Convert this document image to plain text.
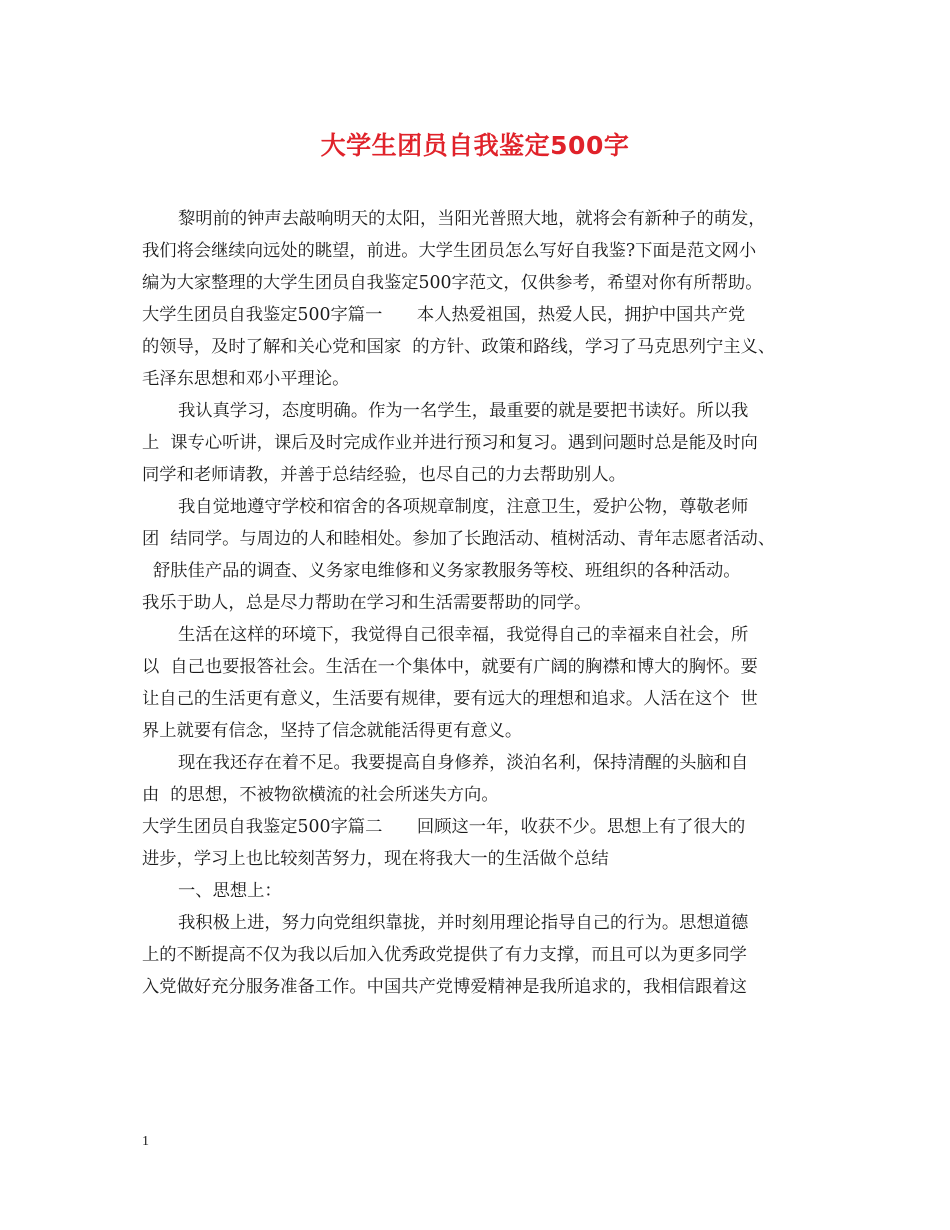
大学生团员自我鉴定500字
黎明前的钟声去敲响明天的太阳，当阳光普照大地，就将会有新种子的萌发，
我们将会继续向远处的眺望，前进。大学生团员怎么写好自我鉴?下面是范文网小
编为大家整理的大学生团员自我鉴定500字范文，仅供参考，希望对你有所帮助。
大学生团员自我鉴定500字篇一　　本人热爱祖国，热爱人民，拥护中国共产党
的领导，及时了解和关心党和国家  的方针、政策和路线，学习了马克思列宁主义、
毛泽东思想和邓小平理论。
我认真学习，态度明确。作为一名学生，最重要的就是要把书读好。所以我
上  课专心听讲，课后及时完成作业并进行预习和复习。遇到问题时总是能及时向
同学和老师请教，并善于总结经验，也尽自己的力去帮助别人。
我自觉地遵守学校和宿舍的各项规章制度，注意卫生，爱护公物，尊敬老师
团  结同学。与周边的人和睦相处。参加了长跑活动、植树活动、青年志愿者活动、
舒肤佳产品的调查、义务家电维修和义务家教服务等校、班组织的各种活动。
我乐于助人，总是尽力帮助在学习和生活需要帮助的同学。
生活在这样的环境下，我觉得自己很幸福，我觉得自己的幸福来自社会，所
以  自己也要报答社会。生活在一个集体中，就要有广阔的胸襟和博大的胸怀。要
让自己的生活更有意义，生活要有规律，要有远大的理想和追求。人活在这个  世
界上就要有信念，坚持了信念就能活得更有意义。
现在我还存在着不足。我要提高自身修养，淡泊名利，保持清醒的头脑和自
由  的思想，不被物欲横流的社会所迷失方向。
大学生团员自我鉴定500字篇二　　回顾这一年，收获不少。思想上有了很大的
进步，学习上也比较刻苦努力，现在将我大一的生活做个总结
一、思想上：
我积极上进，努力向党组织靠拢，并时刻用理论指导自己的行为。思想道德
上的不断提高不仅为我以后加入优秀政党提供了有力支撑，而且可以为更多同学
入党做好充分服务准备工作。中国共产党博爱精神是我所追求的，我相信跟着这
1
